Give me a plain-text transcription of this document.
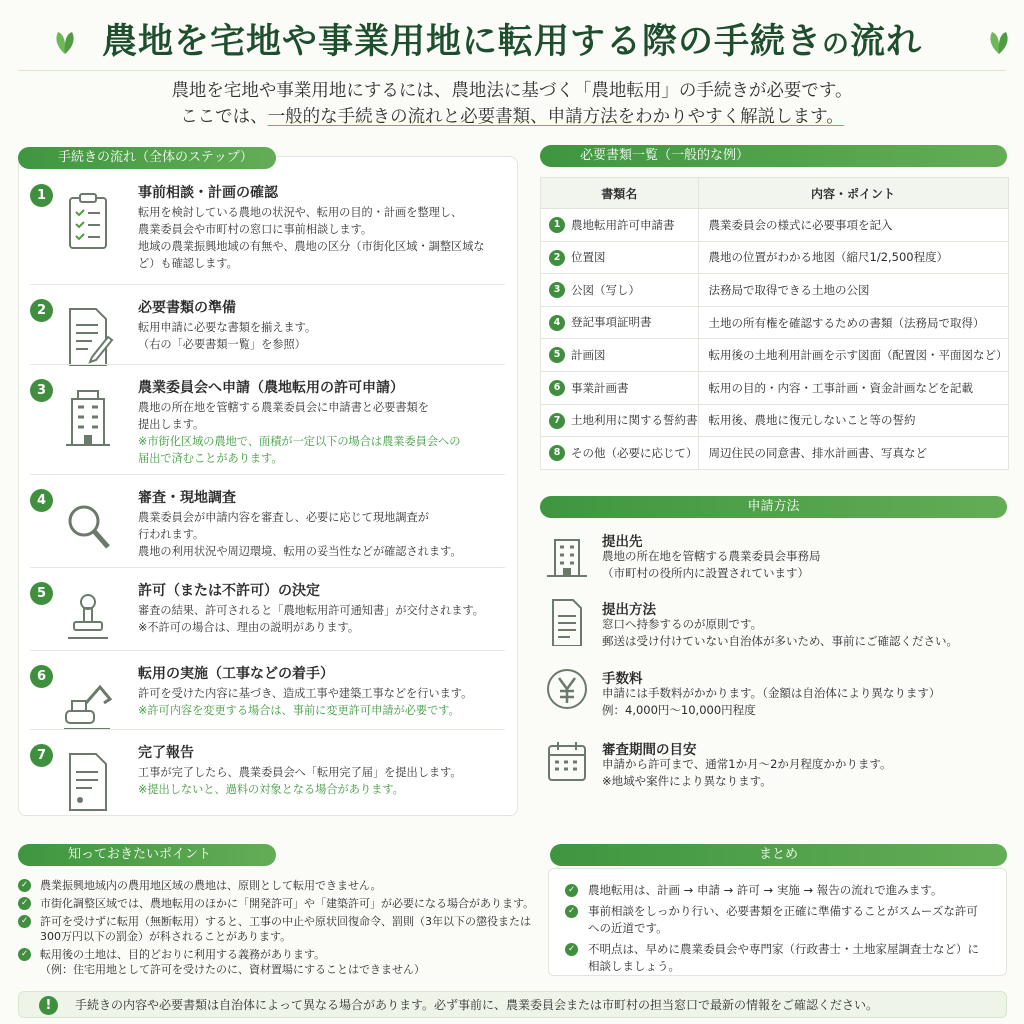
農地を宅地や事業用地に転用する際の手続きの流れ
農地を宅地や事業用地にするには、農地法に基づく「農地転用」の手続きが必要です。
ここでは、一般的な手続きの流れと必要書類、申請方法をわかりやすく解説します。
手続きの流れ（全体のステップ）
1	事前相談・計画の確認
転用を検討している農地の状況や、転用の目的・計画を整理し、
農業委員会や市町村の窓口に事前相談します。
地域の農業振興地域の有無や、農地の区分（市街化区域・調整区域な
ど）も確認します。
2	必要書類の準備
転用申請に必要な書類を揃えます。
（右の「必要書類一覧」を参照）
3	農業委員会へ申請（農地転用の許可申請）
農地の所在地を管轄する農業委員会に申請書と必要書類を
提出します。
※市街化区域の農地で、面積が一定以下の場合は農業委員会への
届出で済むことがあります。
4	審査・現地調査
農業委員会が申請内容を審査し、必要に応じて現地調査が
行われます。
農地の利用状況や周辺環境、転用の妥当性などが確認されます。
5	許可（または不許可）の決定
審査の結果、許可されると「農地転用許可通知書」が交付されます。
※不許可の場合は、理由の説明があります。
6	転用の実施（工事などの着手）
許可を受けた内容に基づき、造成工事や建築工事などを行います。
※許可内容を変更する場合は、事前に変更許可申請が必要です。
7	完了報告
工事が完了したら、農業委員会へ「転用完了届」を提出します。
※提出しないと、過料の対象となる場合があります。
必要書類一覧（一般的な例）
書類名	内容・ポイント
1 農地転用許可申請書	農業委員会の様式に必要事項を記入
2 位置図	農地の位置がわかる地図（縮尺1/2,500程度）
3 公図（写し）	法務局で取得できる土地の公図
4 登記事項証明書	土地の所有権を確認するための書類（法務局で取得）
5 計画図	転用後の土地利用計画を示す図面（配置図・平面図など）
6 事業計画書	転用の目的・内容・工事計画・資金計画などを記載
7 土地利用に関する誓約書	転用後、農地に復元しないこと等の誓約
8 その他（必要に応じて）	周辺住民の同意書、排水計画書、写真など
申請方法
提出先
農地の所在地を管轄する農業委員会事務局
（市町村の役所内に設置されています）
提出方法
窓口へ持参するのが原則です。
郵送は受け付けていない自治体が多いため、事前にご確認ください。
手数料
申請には手数料がかかります。（金額は自治体により異なります）
例：4,000円～10,000円程度
審査期間の目安
申請から許可まで、通常1か月～2か月程度かかります。
※地域や案件により異なります。
知っておきたいポイント
✓ 農業振興地域内の農用地区域の農地は、原則として転用できません。
✓ 市街化調整区域では、農地転用のほかに「開発許可」や「建築許可」が必要になる場合があります。
✓ 許可を受けずに転用（無断転用）すると、工事の中止や原状回復命令、罰則（3年以下の懲役または
300万円以下の罰金）が科されることがあります。
✓ 転用後の土地は、目的どおりに利用する義務があります。
（例：住宅用地として許可を受けたのに、資材置場にすることはできません）
まとめ
✓ 農地転用は、計画 → 申請 → 許可 → 実施 → 報告の流れで進みます。
✓ 事前相談をしっかり行い、必要書類を正確に準備することがスムーズな許可
への近道です。
✓ 不明点は、早めに農業委員会や専門家（行政書士・土地家屋調査士など）に
相談しましょう。
!	手続きの内容や必要書類は自治体によって異なる場合があります。必ず事前に、農業委員会または市町村の担当窓口で最新の情報をご確認ください。
